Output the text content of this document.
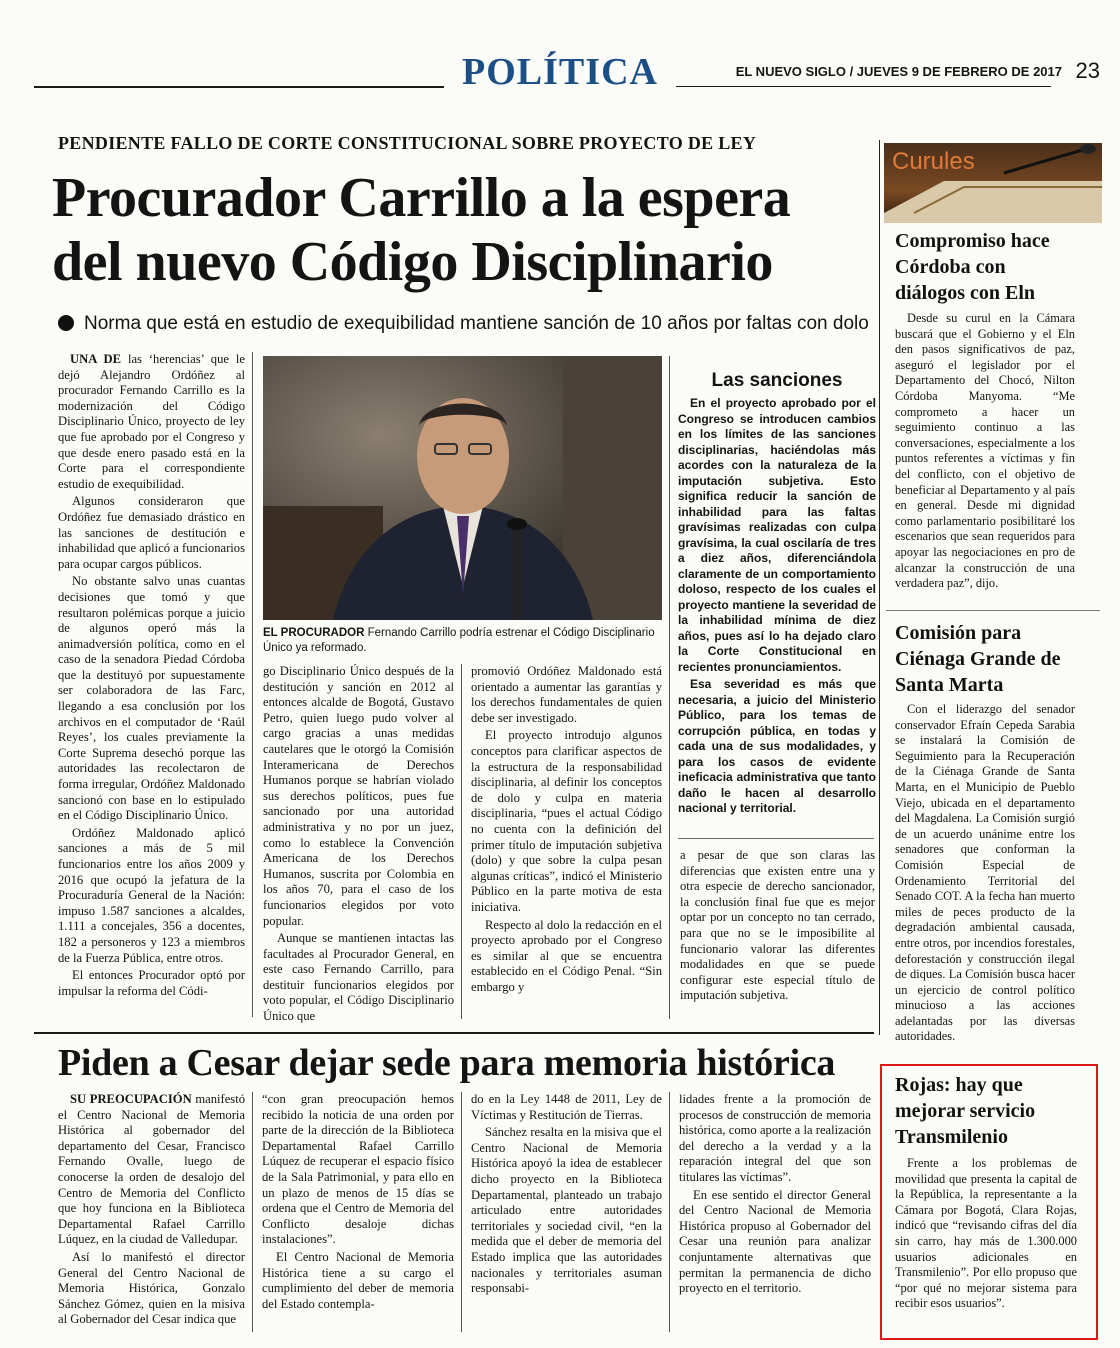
POLÍTICA	EL NUEVO SIGLO / JUEVES 9 DE FEBRERO DE 2017 23
PENDIENTE FALLO DE CORTE CONSTITUCIONAL SOBRE PROYECTO DE LEY
Procurador Carrillo a la espera
del nuevo Código Disciplinario
Norma que está en estudio de exequibilidad mantiene sanción de 10 años por faltas con dolo

UNA DE las ‘herencias’ que le dejó Alejandro Ordóñez al procurador Fernando Carrillo es la modernización del Código Disciplinario Único, proyecto de ley que fue aprobado por el Congreso y que desde enero pasado está en la Corte para el correspondiente estudio de exequibilidad.

Algunos consideraron que Ordóñez fue demasiado drástico en las sanciones de destitución e inhabilidad que aplicó a funcionarios para ocupar cargos públicos.

No obstante salvo unas cuantas decisiones que tomó y que resultaron polémicas porque a juicio de algunos operó más la animadversión política, como en el caso de la senadora Piedad Córdoba que la destituyó por supuestamente ser colaboradora de las Farc, llegando a esa conclusión por los archivos en el computador de ‘Raúl Reyes’, los cuales previamente la Corte Suprema desechó porque las autoridades las recolectaron de forma irregular, Ordóñez Maldonado sancionó con base en lo estipulado en el Código Disciplinario Único.

Ordóñez Maldonado aplicó sanciones a más de 5 mil funcionarios entre los años 2009 y 2016 que ocupó la jefatura de la Procuraduría General de la Nación: impuso 1.587 sanciones a alcaldes, 1.111 a concejales, 356 a docentes, 182 a personeros y 123 a miembros de la Fuerza Pública, entre otros.

El entonces Procurador optó por impulsar la reforma del Códi-

EL PROCURADOR Fernando Carrillo podría estrenar el Código Disciplinario Único ya reformado.

go Disciplinario Único después de la destitución y sanción en 2012 al entonces alcalde de Bogotá, Gustavo Petro, quien luego pudo volver al cargo gracias a unas medidas cautelares que le otorgó la Comisión Interamericana de Derechos Humanos porque se habrían violado sus derechos políticos, pues fue sancionado por una autoridad administrativa y no por un juez, como lo establece la Convención Americana de los Derechos Humanos, suscrita por Colombia en los años 70, para el caso de los funcionarios elegidos por voto popular.

Aunque se mantienen intactas las facultades al Procurador General, en este caso Fernando Carrillo, para destituir funcionarios elegidos por voto popular, el Código Disciplinario Único que

promovió Ordóñez Maldonado está orientado a aumentar las garantías y los derechos fundamentales de quien debe ser investigado.

El proyecto introdujo algunos conceptos para clarificar aspectos de la estructura de la responsabilidad disciplinaria, al definir los conceptos de dolo y culpa en materia disciplinaria, “pues el actual Código no cuenta con la definición del primer título de imputación subjetiva (dolo) y que sobre la culpa pesan algunas críticas”, indicó el Ministerio Público en la parte motiva de esta iniciativa.

Respecto al dolo la redacción en el proyecto aprobado por el Congreso es similar al que se encuentra establecido en el Código Penal. “Sin embargo y

Las sanciones

En el proyecto aprobado por el Congreso se introducen cambios en los límites de las sanciones disciplinarias, haciéndolas más acordes con la naturaleza de la imputación subjetiva. Esto significa reducir la sanción de inhabilidad para las faltas gravísimas realizadas con culpa gravísima, la cual oscilaría de tres a diez años, diferenciándola claramente de un comportamiento doloso, respecto de los cuales el proyecto mantiene la severidad de la inhabilidad mínima de diez años, pues así lo ha dejado claro la Corte Constitucional en recientes pronunciamientos.

Esa severidad es más que necesaria, a juicio del Ministerio Público, para los temas de corrupción pública, en todas y cada una de sus modalidades, y para los casos de evidente ineficacia administrativa que tanto daño le hacen al desarrollo nacional y territorial.

a pesar de que son claras las diferencias que existen entre una y otra especie de derecho sancionador, la conclusión final fue que es mejor optar por un concepto no tan cerrado, para que no se le imposibilite al funcionario valorar las diferentes modalidades en que se puede configurar este especial título de imputación subjetiva.

Curules
Compromiso hace Córdoba con diálogos con Eln

Desde su curul en la Cámara buscará que el Gobierno y el Eln den pasos significativos de paz, aseguró el legislador por el Departamento del Chocó, Nilton Córdoba Manyoma. “Me comprometo a hacer un seguimiento continuo a las conversaciones, especialmente a los puntos referentes a víctimas y fin del conflicto, con el objetivo de beneficiar al Departamento y al país en general. Desde mi dignidad como parlamentario posibilitaré los escenarios que sean requeridos para apoyar las negociaciones en pro de alcanzar la construcción de una verdadera paz”, dijo.

Comisión para Ciénaga Grande de Santa Marta

Con el liderazgo del senador conservador Efraín Cepeda Sarabia se instalará la Comisión de Seguimiento para la Recuperación de la Ciénaga Grande de Santa Marta, en el Municipio de Pueblo Viejo, ubicada en el departamento del Magdalena. La Comisión surgió de un acuerdo unánime entre los senadores que conforman la Comisión Especial de Ordenamiento Territorial del Senado COT. A la fecha han muerto miles de peces producto de la degradación ambiental causada, entre otros, por incendios forestales, deforestación y construcción ilegal de diques. La Comisión busca hacer un ejercicio de control político minucioso a las acciones adelantadas por las diversas autoridades.

Rojas: hay que mejorar servicio Transmilenio

Frente a los problemas de movilidad que presenta la capital de la República, la representante a la Cámara por Bogotá, Clara Rojas, indicó que “revisando cifras del día sin carro, hay más de 1.300.000 usuarios adicionales en Transmilenio”. Por ello propuso que “por qué no mejorar sistema para recibir esos usuarios”.

Piden a Cesar dejar sede para memoria histórica

SU PREOCUPACIÓN manifestó el Centro Nacional de Memoria Histórica al gobernador del departamento del Cesar, Francisco Fernando Ovalle, luego de conocerse la orden de desalojo del Centro de Memoria del Conflicto que hoy funciona en la Biblioteca Departamental Rafael Carrillo Lúquez, en la ciudad de Valledupar.

Así lo manifestó el director General del Centro Nacional de Memoria Histórica, Gonzalo Sánchez Gómez, quien en la misiva al Gobernador del Cesar indica que

“con gran preocupación hemos recibido la noticia de una orden por parte de la dirección de la Biblioteca Departamental Rafael Carrillo Lúquez de recuperar el espacio físico de la Sala Patrimonial, y para ello en un plazo de menos de 15 días se ordena que el Centro de Memoria del Conflicto desaloje dichas instalaciones”.

El Centro Nacional de Memoria Histórica tiene a su cargo el cumplimiento del deber de memoria del Estado contempla-

do en la Ley 1448 de 2011, Ley de Víctimas y Restitución de Tierras.

Sánchez resalta en la misiva que el Centro Nacional de Memoria Histórica apoyó la idea de establecer dicho proyecto en la Biblioteca Departamental, planteado un trabajo articulado entre autoridades territoriales y sociedad civil, “en la medida que el deber de memoria del Estado implica que las autoridades nacionales y territoriales asuman responsabi-

lidades frente a la promoción de procesos de construcción de memoria histórica, como aporte a la realización del derecho a la verdad y a la reparación integral del que son titulares las víctimas”.

En ese sentido el director General del Centro Nacional de Memoria Histórica propuso al Gobernador del Cesar una reunión para analizar conjuntamente alternativas que permitan la permanencia de dicho proyecto en el territorio.
